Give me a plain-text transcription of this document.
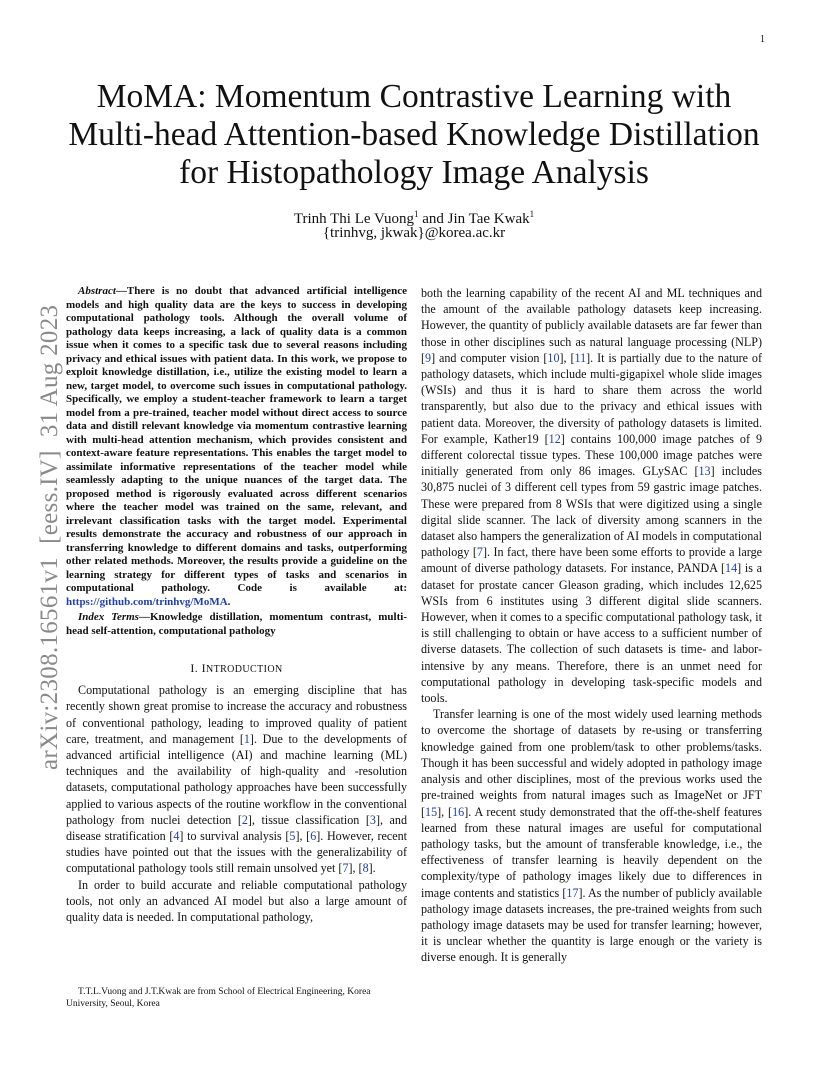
1
arXiv:2308.16561v1  [eess.IV]  31 Aug 2023
MoMA: Momentum Contrastive Learning with Multi-head Attention-based Knowledge Distillation for Histopathology Image Analysis
Trinh Thi Le Vuong$^1$ and Jin Tae Kwak$^1$
{trinhvg, jkwak}@korea.ac.kr

Abstract—There is no doubt that advanced artificial intelligence models and high quality data are the keys to success in developing computational pathology tools. Although the overall volume of pathology data keeps increasing, a lack of quality data is a common issue when it comes to a specific task due to several reasons including privacy and ethical issues with patient data. In this work, we propose to exploit knowledge distillation, i.e., utilize the existing model to learn a new, target model, to overcome such issues in computational pathology. Specifically, we employ a student-teacher framework to learn a target model from a pre-trained, teacher model without direct access to source data and distill relevant knowledge via momentum contrastive learning with multi-head attention mechanism, which provides consistent and context-aware feature representations. This enables the target model to assimilate informative representations of the teacher model while seamlessly adapting to the unique nuances of the target data. The proposed method is rigorously evaluated across different scenarios where the teacher model was trained on the same, relevant, and irrelevant classification tasks with the target model. Experimental results demonstrate the accuracy and robustness of our approach in transferring knowledge to different domains and tasks, outperforming other related methods. Moreover, the results provide a guideline on the learning strategy for different types of tasks and scenarios in computational pathology. Code is available at: https://github.com/trinhvg/MoMA.

Index Terms—Knowledge distillation, momentum contrast, multi-head self-attention, computational pathology

I. INTRODUCTION

Computational pathology is an emerging discipline that has recently shown great promise to increase the accuracy and robustness of conventional pathology, leading to improved quality of patient care, treatment, and management [1]. Due to the developments of advanced artificial intelligence (AI) and machine learning (ML) techniques and the availability of high-quality and -resolution datasets, computational pathology approaches have been successfully applied to various aspects of the routine workflow in the conventional pathology from nuclei detection [2], tissue classification [3], and disease stratification [4] to survival analysis [5], [6]. However, recent studies have pointed out that the issues with the generalizability of computational pathology tools still remain unsolved yet [7], [8].

In order to build accurate and reliable computational pathology tools, not only an advanced AI model but also a large amount of quality data is needed. In computational pathology,

T.T.L.Vuong and J.T.Kwak are from School of Electrical Engineering, Korea University, Seoul, Korea

both the learning capability of the recent AI and ML techniques and the amount of the available pathology datasets keep increasing. However, the quantity of publicly available datasets are far fewer than those in other disciplines such as natural language processing (NLP) [9] and computer vision [10], [11]. It is partially due to the nature of pathology datasets, which include multi-gigapixel whole slide images (WSIs) and thus it is hard to share them across the world transparently, but also due to the privacy and ethical issues with patient data. Moreover, the diversity of pathology datasets is limited. For example, Kather19 [12] contains 100,000 image patches of 9 different colorectal tissue types. These 100,000 image patches were initially generated from only 86 images. GLySAC [13] includes 30,875 nuclei of 3 different cell types from 59 gastric image patches. These were prepared from 8 WSIs that were digitized using a single digital slide scanner. The lack of diversity among scanners in the dataset also hampers the generalization of AI models in computational pathology [7]. In fact, there have been some efforts to provide a large amount of diverse pathology datasets. For instance, PANDA [14] is a dataset for prostate cancer Gleason grading, which includes 12,625 WSIs from 6 institutes using 3 different digital slide scanners. However, when it comes to a specific computational pathology task, it is still challenging to obtain or have access to a sufficient number of diverse datasets. The collection of such datasets is time- and labor-intensive by any means. Therefore, there is an unmet need for computational pathology in developing task-specific models and tools.

Transfer learning is one of the most widely used learning methods to overcome the shortage of datasets by re-using or transferring knowledge gained from one problem/task to other problems/tasks. Though it has been successful and widely adopted in pathology image analysis and other disciplines, most of the previous works used the pre-trained weights from natural images such as ImageNet or JFT [15], [16]. A recent study demonstrated that the off-the-shelf features learned from these natural images are useful for computational pathology tasks, but the amount of transferable knowledge, i.e., the effectiveness of transfer learning is heavily dependent on the complexity/type of pathology images likely due to differences in image contents and statistics [17]. As the number of publicly available pathology image datasets increases, the pre-trained weights from such pathology image datasets may be used for transfer learning; however, it is unclear whether the quantity is large enough or the variety is diverse enough. It is generally
